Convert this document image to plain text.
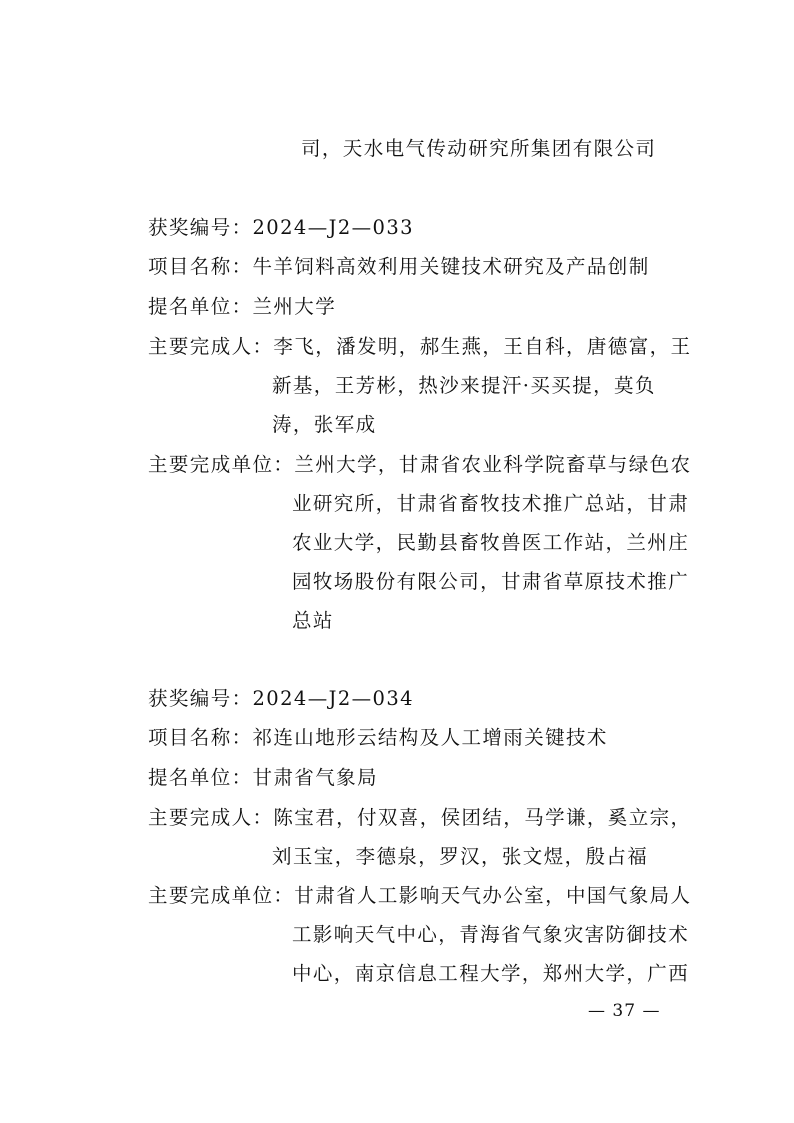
司，天水电气传动研究所集团有限公司
获奖编号：2024—J2—033
项目名称：牛羊饲料高效利用关键技术研究及产品创制
提名单位：兰州大学
主要完成人：李飞，潘发明，郝生燕，王自科，唐德富，王
新基，王芳彬，热沙来提汗·买买提，莫负
涛，张军成
主要完成单位：兰州大学，甘肃省农业科学院畜草与绿色农
业研究所，甘肃省畜牧技术推广总站，甘肃
农业大学，民勤县畜牧兽医工作站，兰州庄
园牧场股份有限公司，甘肃省草原技术推广
总站
获奖编号：2024—J2—034
项目名称：祁连山地形云结构及人工增雨关键技术
提名单位：甘肃省气象局
主要完成人：陈宝君，付双喜，侯团结，马学谦，奚立宗，
刘玉宝，李德泉，罗汉，张文煜，殷占福
主要完成单位：甘肃省人工影响天气办公室，中国气象局人
工影响天气中心，青海省气象灾害防御技术
中心，南京信息工程大学，郑州大学，广西
— 37 —
